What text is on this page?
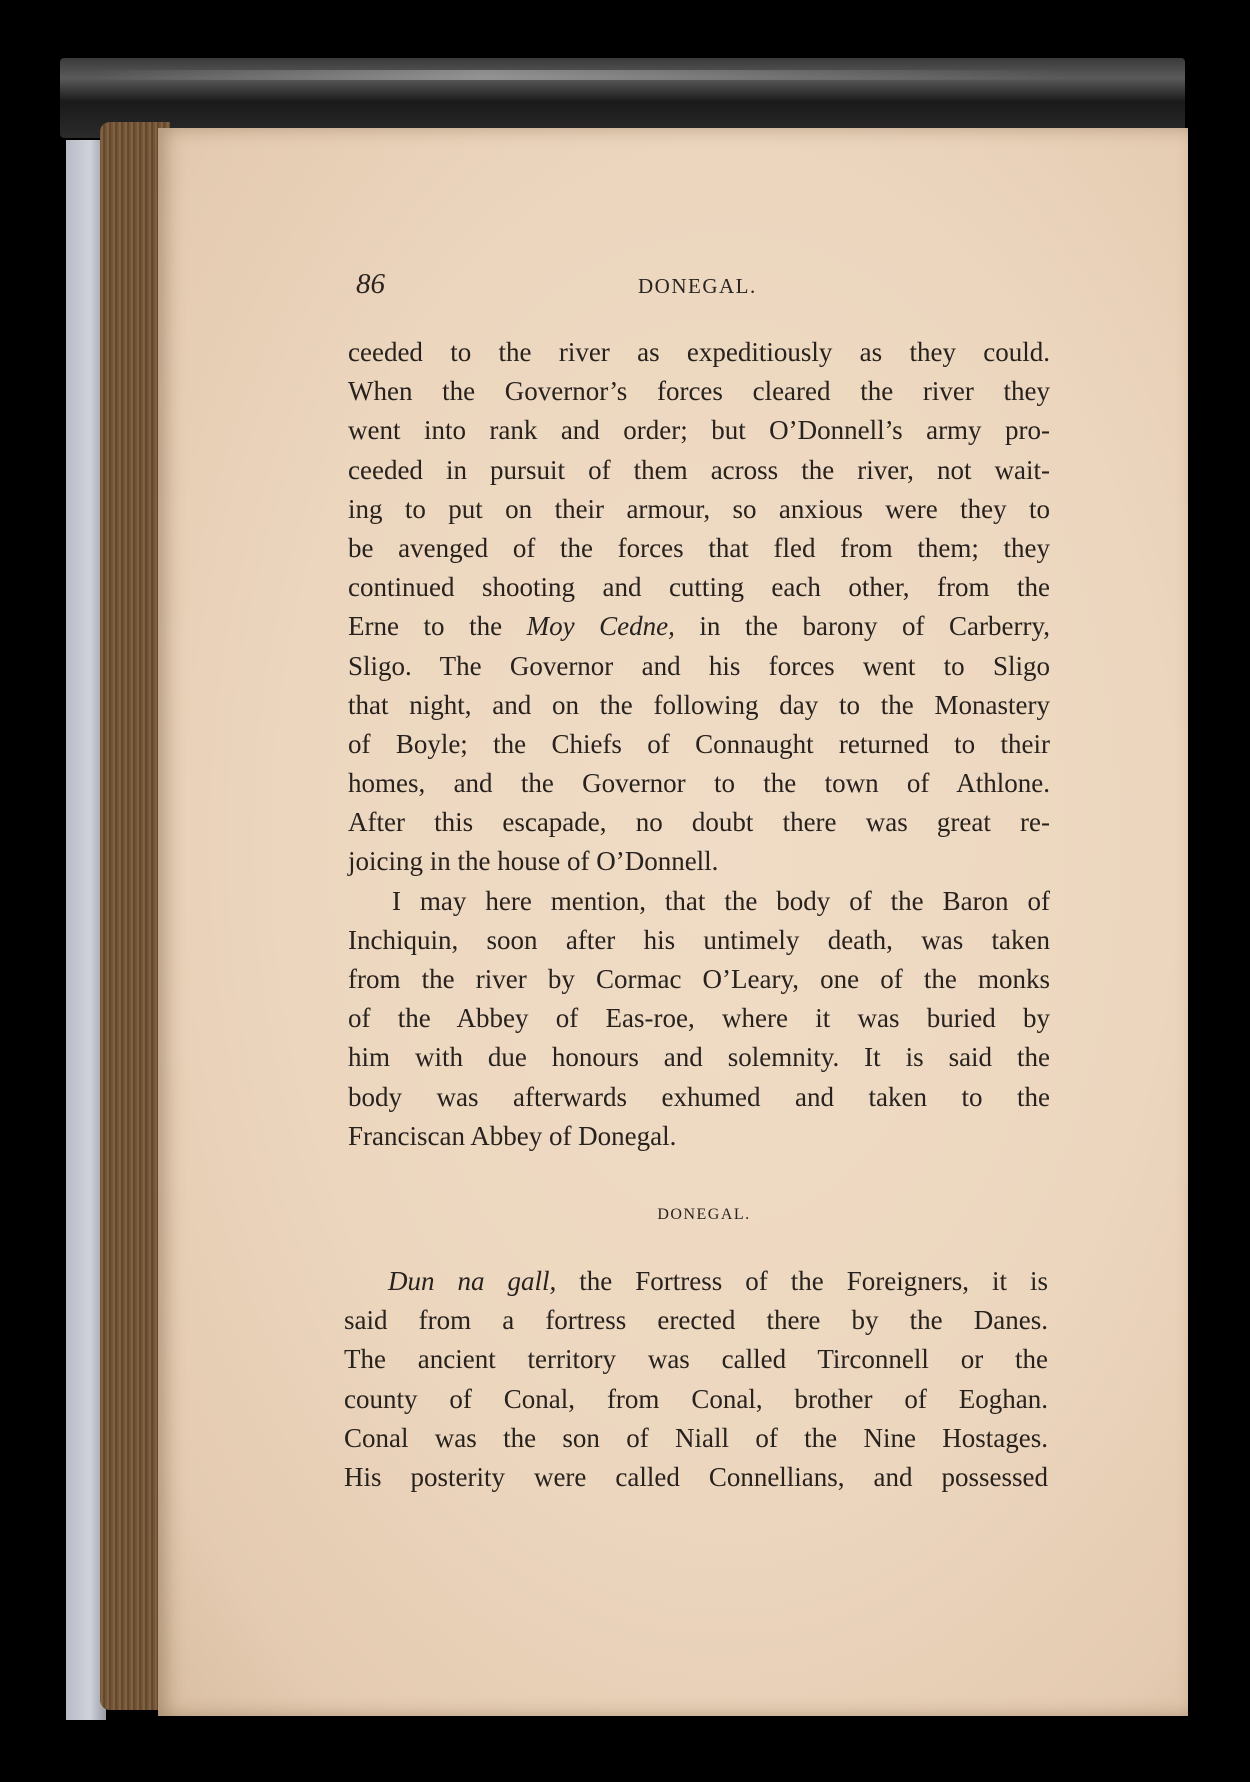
86	DONEGAL.
ceeded to the river as expeditiously as they could.
When the Governor’s forces cleared the river they
went into rank and order; but O’Donnell’s army pro-
ceeded in pursuit of them across the river, not wait-
ing to put on their armour, so anxious were they to
be avenged of the forces that fled from them; they
continued shooting and cutting each other, from the
Erne to the Moy Cedne, in the barony of Carberry,
Sligo. The Governor and his forces went to Sligo
that night, and on the following day to the Monastery
of Boyle; the Chiefs of Connaught returned to their
homes, and the Governor to the town of Athlone.
After this escapade, no doubt there was great re-
joicing in the house of O’Donnell.
I may here mention, that the body of the Baron of
Inchiquin, soon after his untimely death, was taken
from the river by Cormac O’Leary, one of the monks
of the Abbey of Eas-roe, where it was buried by
him with due honours and solemnity. It is said the
body was afterwards exhumed and taken to the
Franciscan Abbey of Donegal.
DONEGAL.
Dun na gall, the Fortress of the Foreigners, it is
said from a fortress erected there by the Danes.
The ancient territory was called Tirconnell or the
county of Conal, from Conal, brother of Eoghan.
Conal was the son of Niall of the Nine Hostages.
His posterity were called Connellians, and possessed
